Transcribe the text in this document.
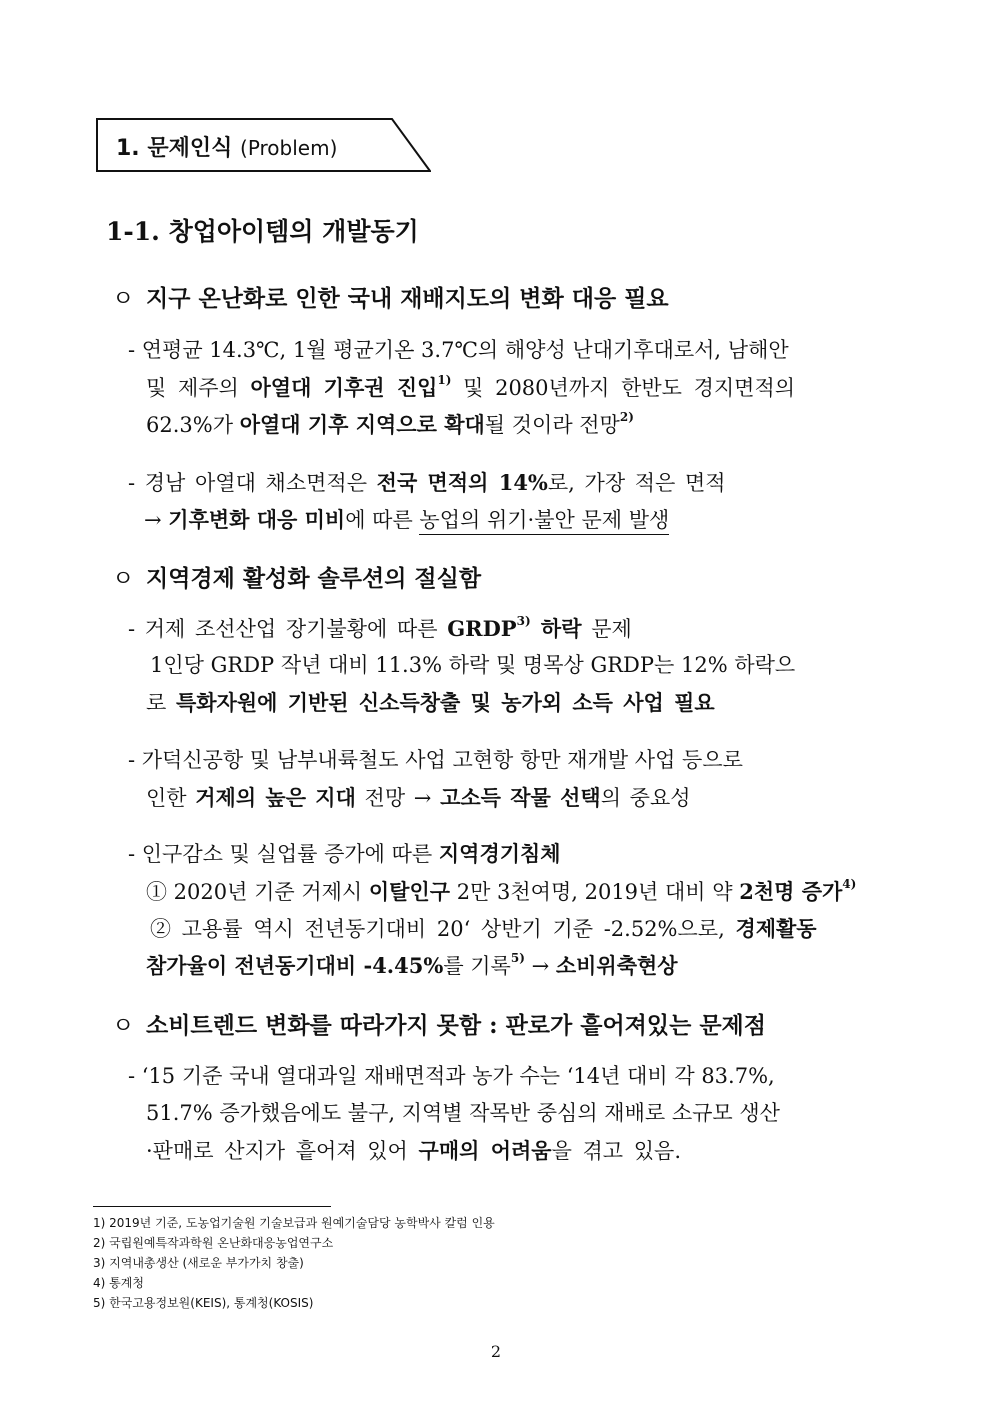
1. 문제인식 (Problem)
1-1. 창업아이템의 개발동기
ㅇ 지구 온난화로 인한 국내 재배지도의 변화 대응 필요
- 연평균 14.3℃, 1월 평균기온 3.7℃의 해양성 난대기후대로서, 남해안
및 제주의 아열대 기후권 진입$^{1)}$ 및 2080년까지 한반도 경지면적의
62.3%가 아열대 기후 지역으로 확대될 것이라 전망$^{2)}$
- 경남 아열대 채소면적은 전국 면적의 14%로, 가장 적은 면적
→ 기후변화 대응 미비에 따른 농업의 위기·불안 문제 발생
ㅇ 지역경제 활성화 솔루션의 절실함
- 거제 조선산업 장기불황에 따른 GRDP$^{3)}$ 하락 문제
1인당 GRDP 작년 대비 11.3% 하락 및 명목상 GRDP는 12% 하락으
로 특화자원에 기반된 신소득창출 및 농가외 소득 사업 필요
- 가덕신공항 및 남부내륙철도 사업 고현항 항만 재개발 사업 등으로
인한 거제의 높은 지대 전망 → 고소득 작물 선택의 중요성
- 인구감소 및 실업률 증가에 따른 지역경기침체
① 2020년 기준 거제시 이탈인구 2만 3천여명, 2019년 대비 약 2천명 증가$^{4)}$
② 고용률 역시 전년동기대비 20‘ 상반기 기준 -2.52%으로, 경제활동
참가율이 전년동기대비 -4.45%를 기록$^{5)}$ → 소비위축현상
ㅇ 소비트렌드 변화를 따라가지 못함 : 판로가 흩어져있는 문제점
- ‘15 기준 국내 열대과일 재배면적과 농가 수는 ‘14년 대비 각 83.7%,
51.7% 증가했음에도 불구, 지역별 작목반 중심의 재배로 소규모 생산
·판매로 산지가 흩어져 있어 구매의 어려움을 겪고 있음.
1) 2019년 기준, 도농업기술원 기술보급과 원예기술담당 농학박사 칼럼 인용
2) 국립원예특작과학원 온난화대응농업연구소
3) 지역내총생산 (새로운 부가가치 창출)
4) 통계청
5) 한국고용정보원(KEIS), 통계청(KOSIS)
2
